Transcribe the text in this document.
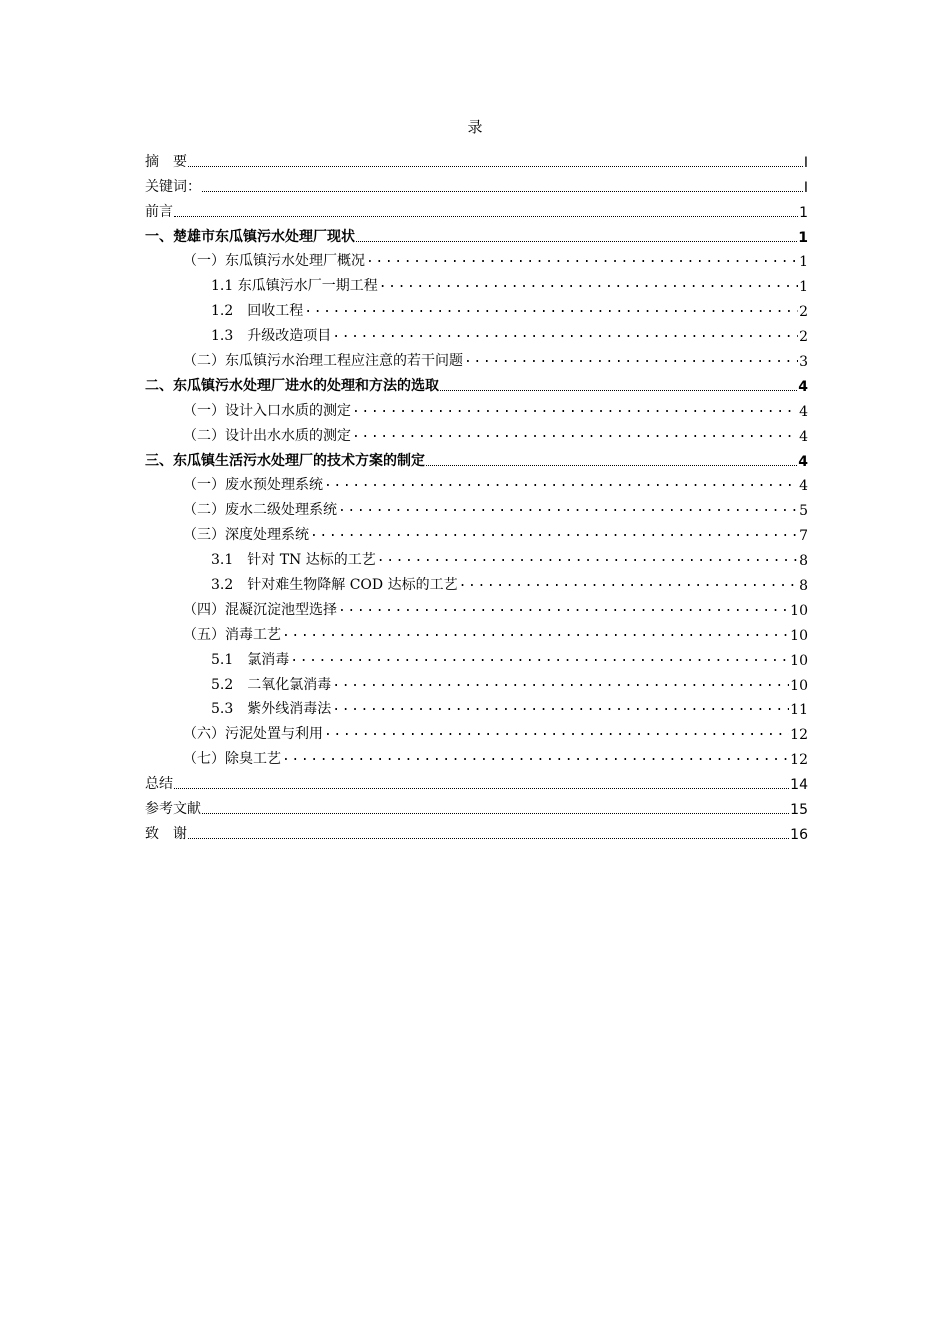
录
摘　要	I
关键词：	I
前言	1
一、楚雄市东瓜镇污水处理厂现状	1
（一）东瓜镇污水处理厂概况 .....	1
1.1 东瓜镇污水厂一期工程 .....	1
1.2　回收工程 .....	2
1.3　升级改造项目 .....	2
（二）东瓜镇污水治理工程应注意的若干问题 .....	3
二、东瓜镇污水处理厂进水的处理和方法的选取	4
（一）设计入口水质的测定 .....	4
（二）设计出水水质的测定 .....	4
三、东瓜镇生活污水处理厂的技术方案的制定	4
（一）废水预处理系统 .....	4
（二）废水二级处理系统 .....	5
（三）深度处理系统 .....	7
3.1　针对 TN 达标的工艺 .....	8
3.2　针对难生物降解 COD 达标的工艺 .....	8
（四）混凝沉淀池型选择 .....	10
（五）消毒工艺 .....	10
5.1　氯消毒 .....	10
5.2　二氧化氯消毒 .....	10
5.3　紫外线消毒法 .....	11
（六）污泥处置与利用 .....	12
（七）除臭工艺 .....	12
总结	14
参考文献	15
致　谢	16
